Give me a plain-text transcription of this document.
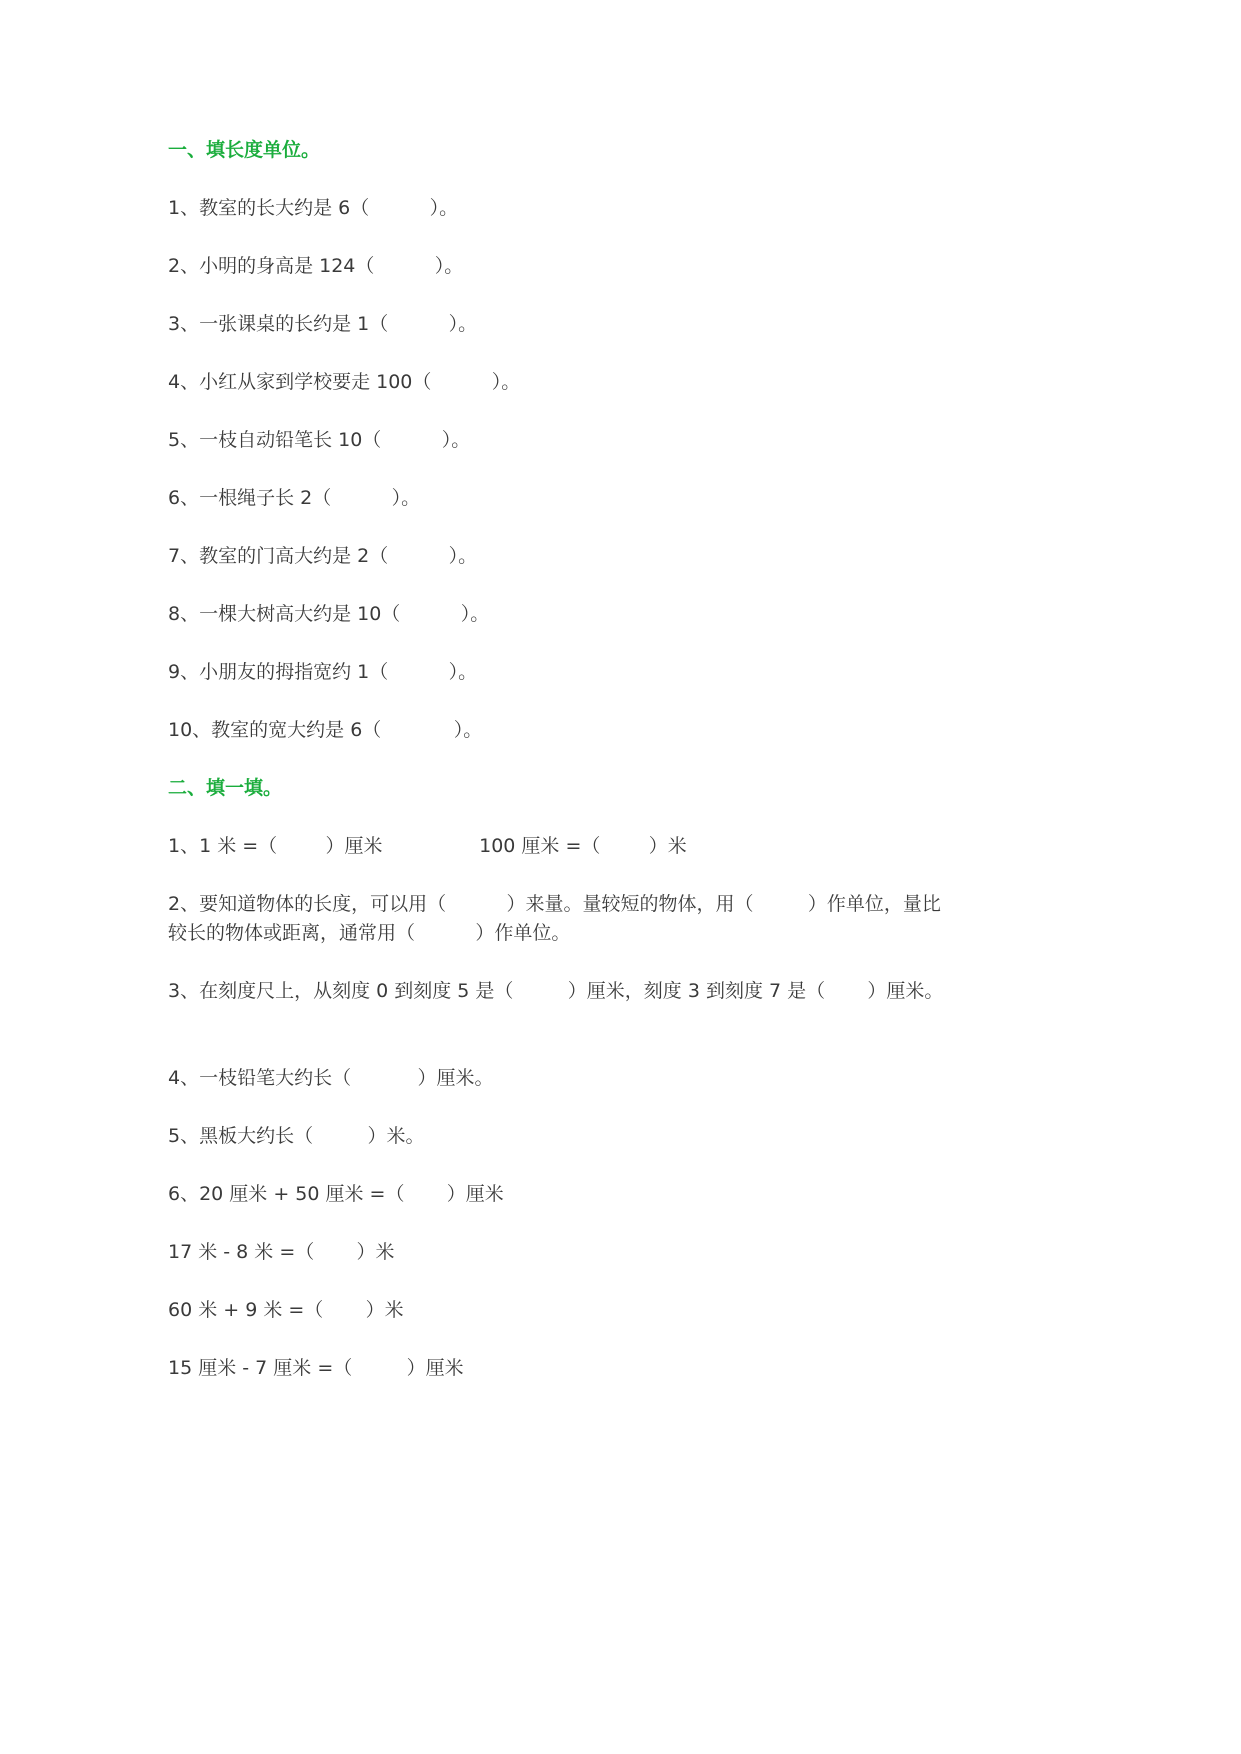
一、填长度单位。
1、教室的长大约是 6（          ）。
2、小明的身高是 124（          ）。
3、一张课桌的长约是 1（          ）。
4、小红从家到学校要走 100（          ）。
5、一枝自动铅笔长 10（          ）。
6、一根绳子长 2（          ）。
7、教室的门高大约是 2（          ）。
8、一棵大树高大约是 10（          ）。
9、小朋友的拇指宽约 1（          ）。
10、教室的宽大约是 6（            ）。
二、填一填。
1、1 米 =（        ）厘米                100 厘米 =（        ）米
2、要知道物体的长度，可以用（          ）来量。量较短的物体，用（         ）作单位，量比较长的物体或距离，通常用（          ）作单位。
3、在刻度尺上，从刻度 0 到刻度 5 是（         ）厘米，刻度 3 到刻度 7 是（       ）厘米。
4、一枝铅笔大约长（           ）厘米。
5、黑板大约长（         ）米。
6、20 厘米 + 50 厘米 =（       ）厘米
17 米 - 8 米 =（       ）米
60 米 + 9 米 =（       ）米
15 厘米 - 7 厘米 =（         ）厘米
